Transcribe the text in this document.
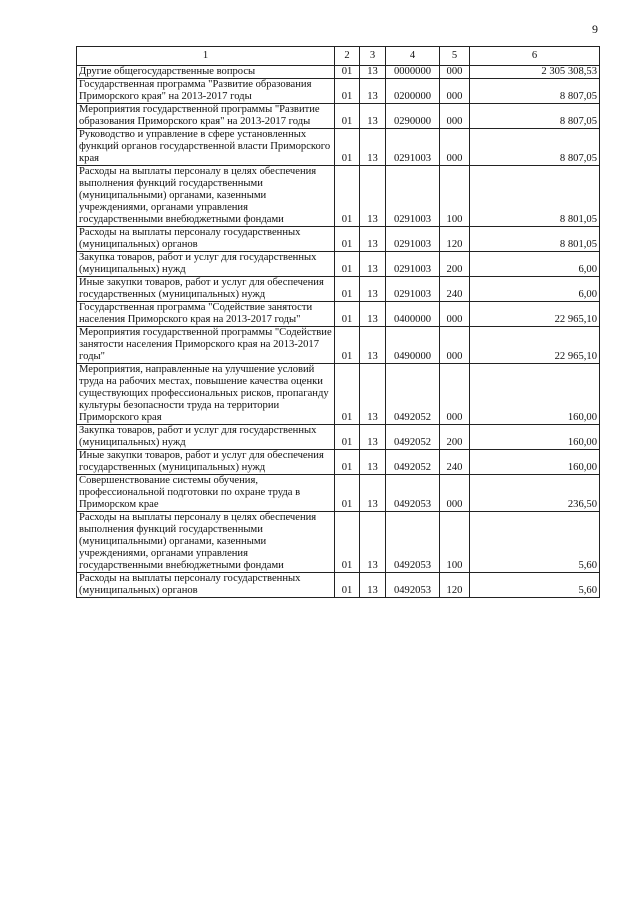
9
1	2	3	4	5	6
Другие общегосударственные вопросы	01	13	0000000	000	2 305 308,53
Государственная программа "Развитие образования Приморского края" на 2013-2017 годы	01	13	0200000	000	8 807,05
Мероприятия государственной программы "Развитие образования Приморского края" на 2013-2017 годы	01	13	0290000	000	8 807,05
Руководство и управление в сфере установленных функций органов государственной власти Приморского края	01	13	0291003	000	8 807,05
Расходы на выплаты персоналу в целях обеспечения выполнения функций государственными (муниципальными) органами, казенными учреждениями, органами управления государственными внебюджетными фондами	01	13	0291003	100	8 801,05
Расходы на выплаты персоналу государственных (муниципальных) органов	01	13	0291003	120	8 801,05
Закупка товаров, работ и услуг для государственных (муниципальных) нужд	01	13	0291003	200	6,00
Иные закупки товаров, работ и услуг для обеспечения государственных (муниципальных) нужд	01	13	0291003	240	6,00
Государственная программа "Содействие занятости населения Приморского края на 2013-2017 годы"	01	13	0400000	000	22 965,10
Мероприятия государственной программы "Содействие занятости населения Приморского края на 2013-2017 годы"	01	13	0490000	000	22 965,10
Мероприятия, направленные на улучшение условий труда на рабочих местах, повышение качества оценки существующих профессиональных рисков, пропаганду культуры безопасности труда на территории Приморского края	01	13	0492052	000	160,00
Закупка товаров, работ и услуг для государственных (муниципальных) нужд	01	13	0492052	200	160,00
Иные закупки товаров, работ и услуг для обеспечения государственных (муниципальных) нужд	01	13	0492052	240	160,00
Совершенствование системы обучения, профессиональной подготовки по охране труда в Приморском крае	01	13	0492053	000	236,50
Расходы на выплаты персоналу в целях обеспечения выполнения функций государственными (муниципальными) органами, казенными учреждениями, органами управления государственными внебюджетными фондами	01	13	0492053	100	5,60
Расходы на выплаты персоналу государственных (муниципальных) органов	01	13	0492053	120	5,60
